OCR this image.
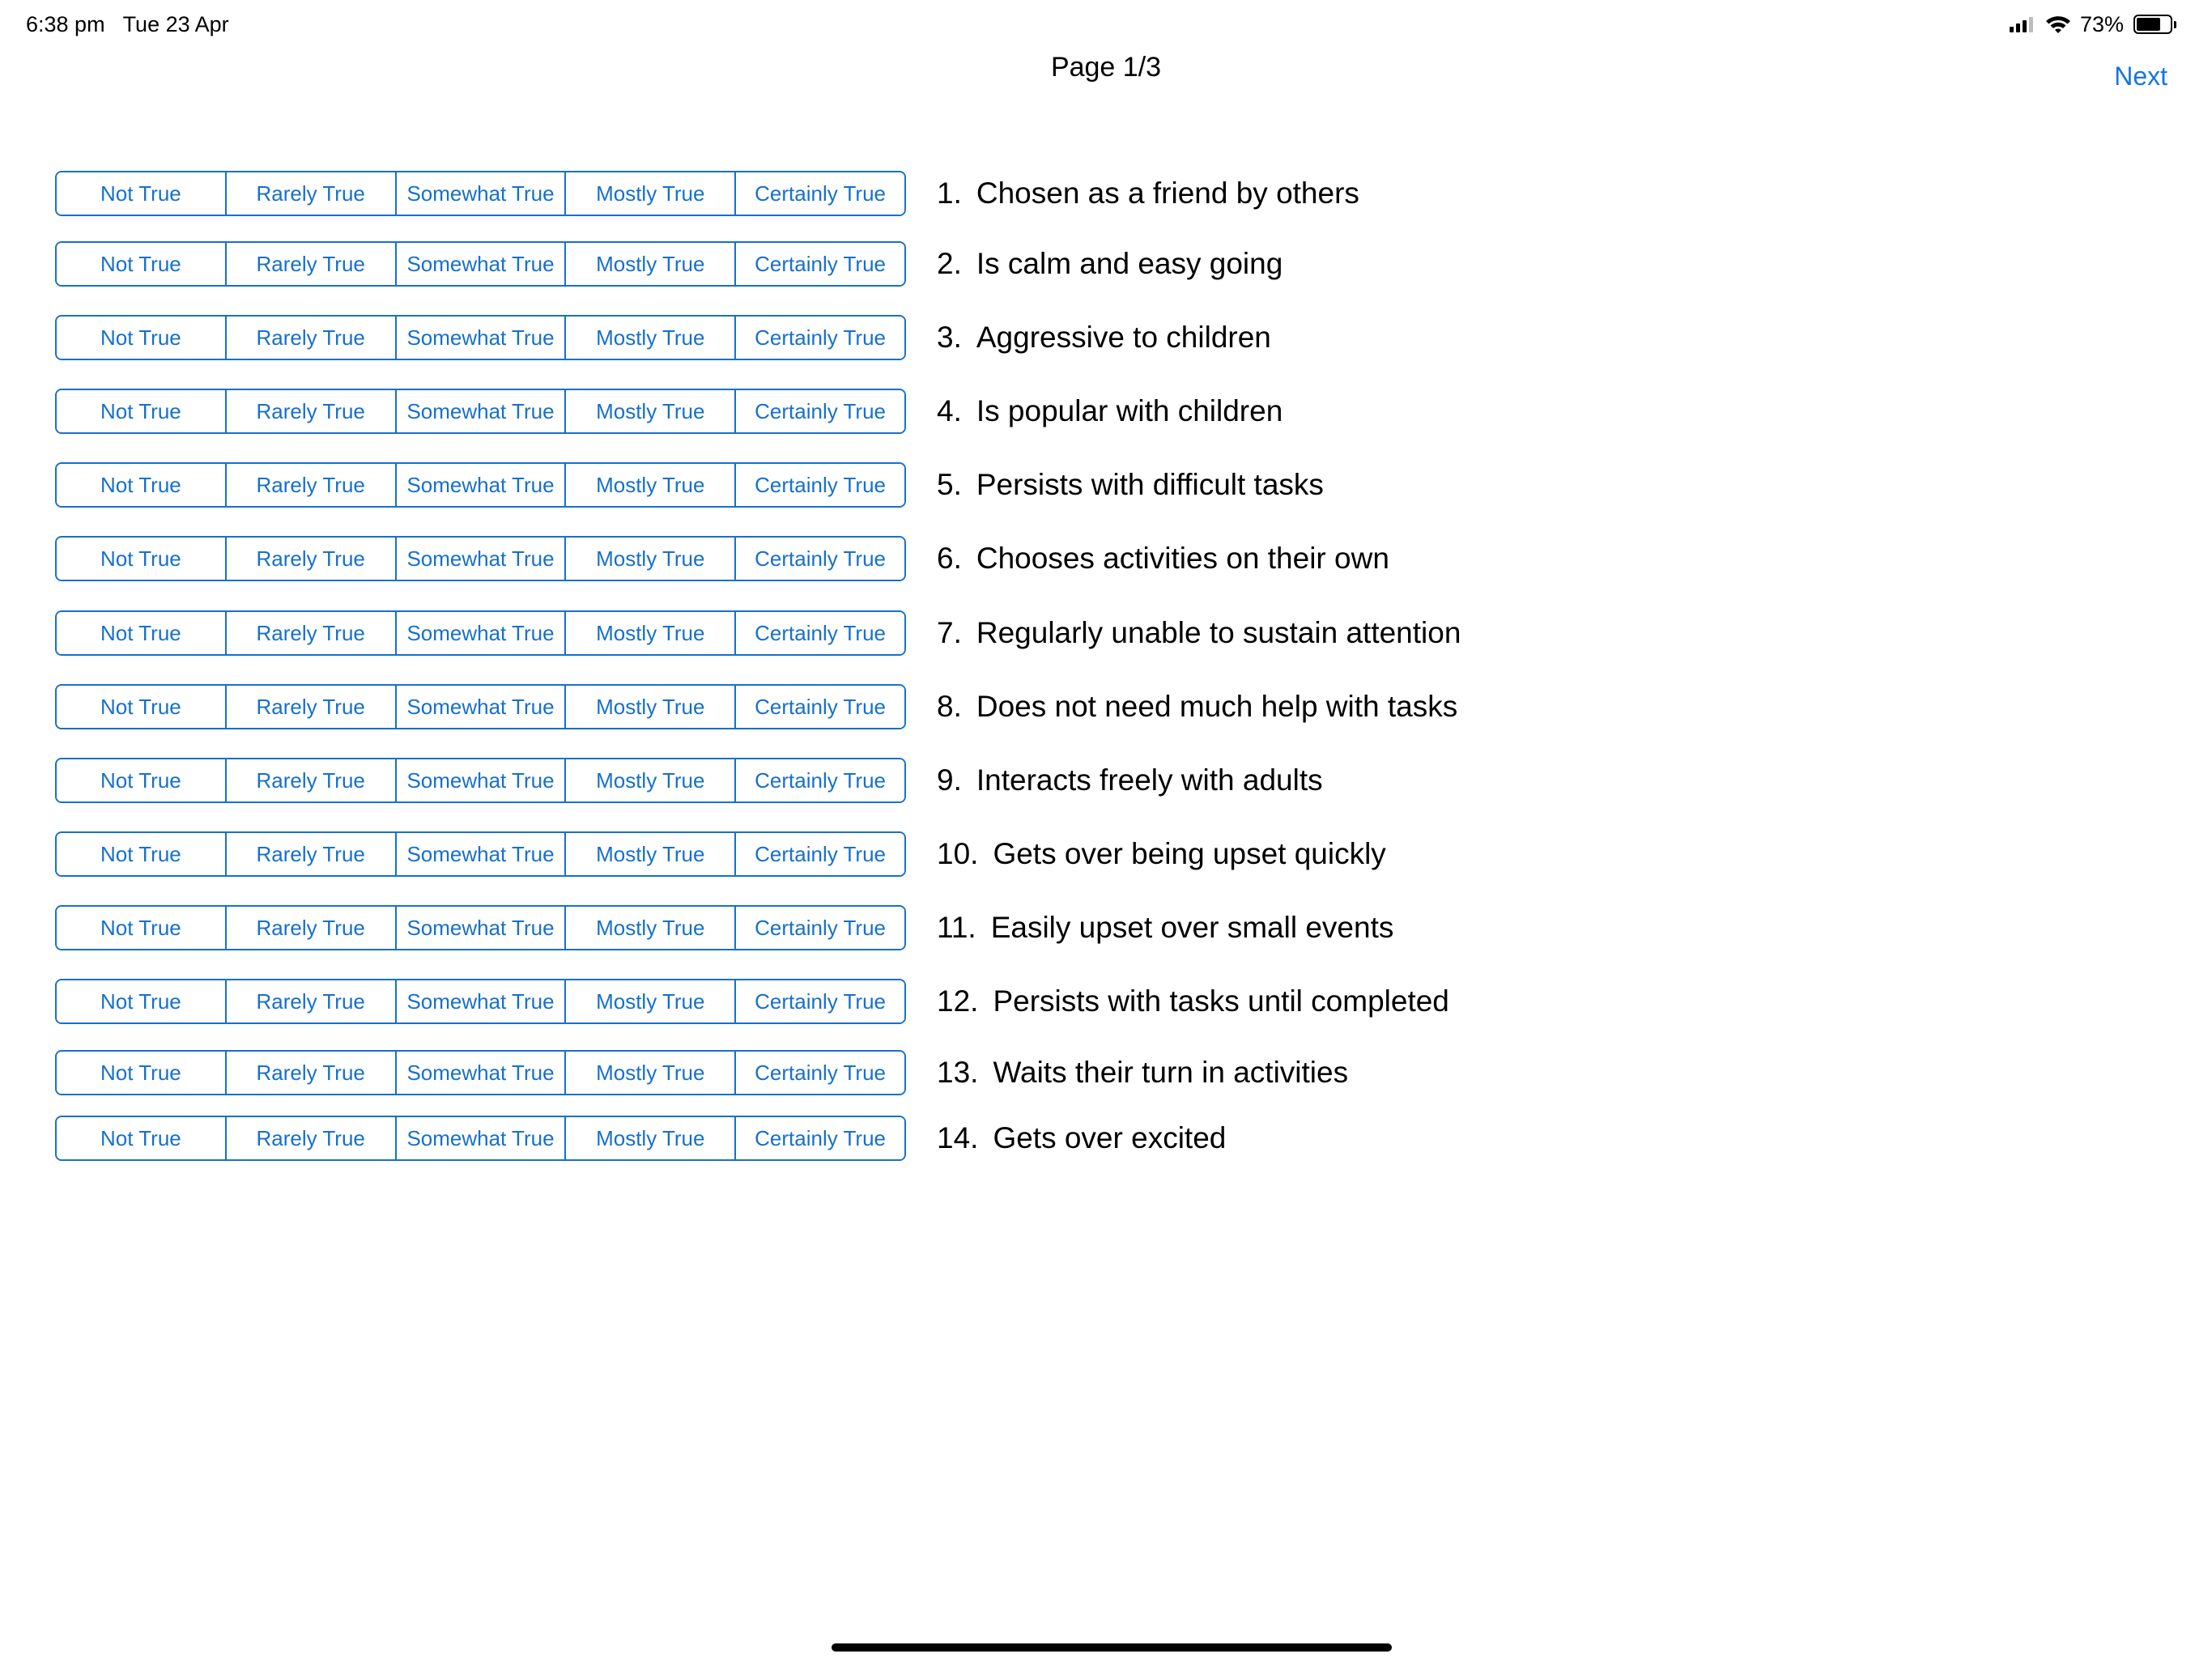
6:38 pm Tue 23 Apr	73%
Page 1/3	Next
Not True	Rarely True	Somewhat True	Mostly True	Certainly True	1. Chosen as a friend by others
Not True	Rarely True	Somewhat True	Mostly True	Certainly True	2. Is calm and easy going
Not True	Rarely True	Somewhat True	Mostly True	Certainly True	3. Aggressive to children
Not True	Rarely True	Somewhat True	Mostly True	Certainly True	4. Is popular with children
Not True	Rarely True	Somewhat True	Mostly True	Certainly True	5. Persists with difficult tasks
Not True	Rarely True	Somewhat True	Mostly True	Certainly True	6. Chooses activities on their own
Not True	Rarely True	Somewhat True	Mostly True	Certainly True	7. Regularly unable to sustain attention
Not True	Rarely True	Somewhat True	Mostly True	Certainly True	8. Does not need much help with tasks
Not True	Rarely True	Somewhat True	Mostly True	Certainly True	9. Interacts freely with adults
Not True	Rarely True	Somewhat True	Mostly True	Certainly True	10. Gets over being upset quickly
Not True	Rarely True	Somewhat True	Mostly True	Certainly True	11. Easily upset over small events
Not True	Rarely True	Somewhat True	Mostly True	Certainly True	12. Persists with tasks until completed
Not True	Rarely True	Somewhat True	Mostly True	Certainly True	13. Waits their turn in activities
Not True	Rarely True	Somewhat True	Mostly True	Certainly True	14. Gets over excited
